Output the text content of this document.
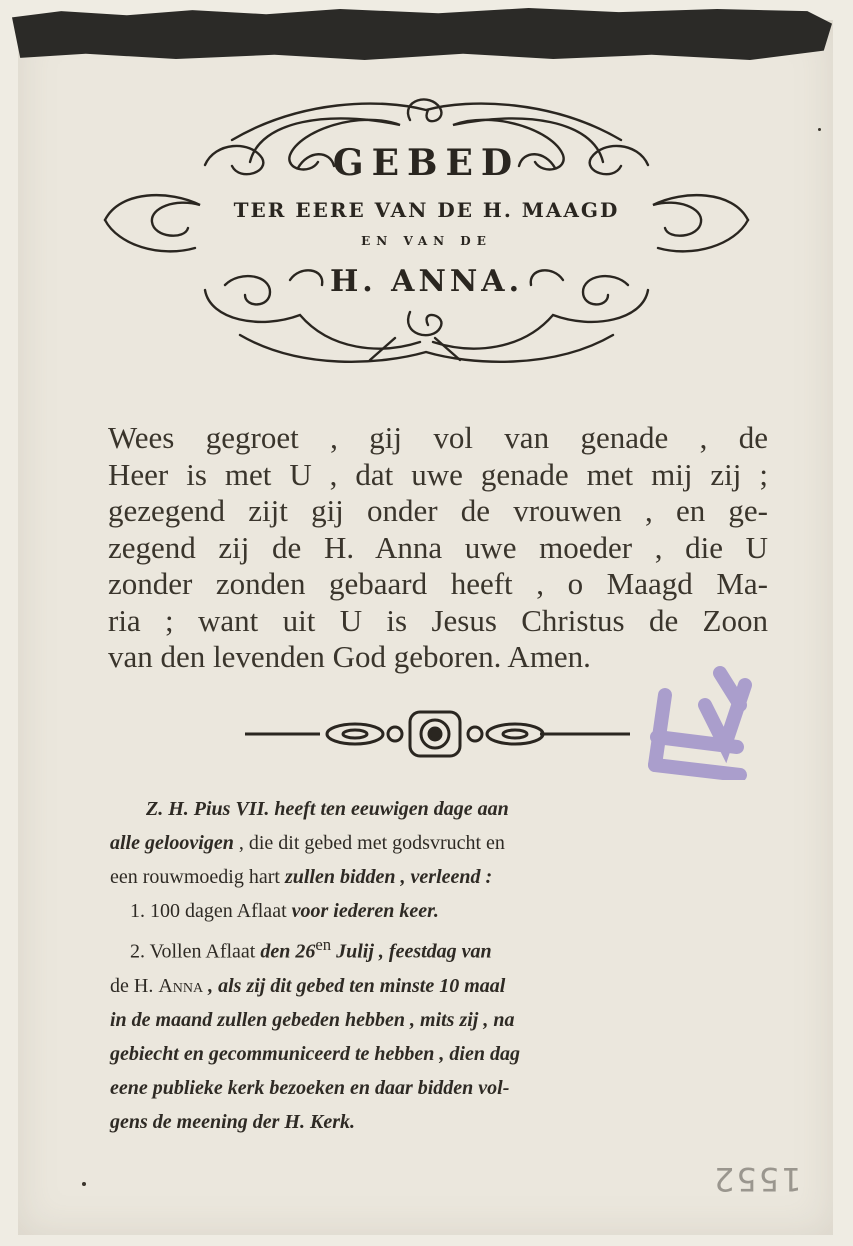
GEBED
TER EERE VAN DE H. MAAGD
EN VAN DE
H. ANNA.
Wees gegroet , gij vol van genade , de
Heer is met U , dat uwe genade met mij zij ;
gezegend zijt gij onder de vrouwen , en ge-
zegend zij de H. Anna uwe moeder , die U
zonder zonden gebaard heeft , o Maagd Ma-
ria ; want uit U is Jesus Christus de Zoon
van den levenden God geboren. Amen.
Z. H. Pius VII. heeft ten eeuwigen dage aan
alle geloovigen , die dit gebed met godsvrucht en
een rouwmoedig hart zullen bidden , verleend :
1. 100 dagen Aflaat voor iederen keer.
2. Vollen Aflaat den $26^{en}$ Julij , feestdag van
de H. Anna , als zij dit gebed ten minste 10 maal
in de maand zullen gebeden hebben , mits zij , na
gebiecht en gecommuniceerd te hebben , dien dag
eene publieke kerk bezoeken en daar bidden vol-
gens de meening der H. Kerk.
1552
